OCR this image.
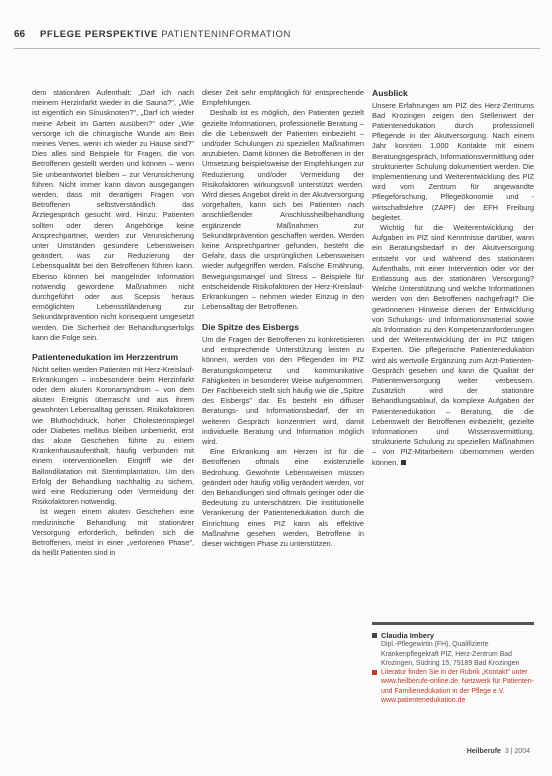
66 PFLEGE PERSPEKTIVE PATIENTENINFORMATION

dem stationären Aufenthalt: „Darf ich nach meinem Herzinfarkt wieder in die Sauna?", „Wie ist eigentlich ein Sinusknoten?", „Darf ich wieder meine Arbeit im Garten ausüben?" oder „Wie versorge ich die chirurgische Wunde am Bein meines Venes, wenn ich wieder zu Hause sind?" Dies alles sind Beispiele für Fragen, die von Betroffenen gestellt werden und können – wenn Sie unbeantwortet bleiben – zur Verunsicherung führen. Nicht immer kann davon ausgegangen werden, dass mit derartigen Fragen von Betroffenen selbstverständlich das Ärztegespräch gesucht wird. Hinzu: Patienten sollten oder deren Angehörige keine Ansprechpartner, werden zur Verunsicherung unter Umständen gesundere Lebensweisen geändert, was zur Reduzierung der Lebensqualität bei den Betroffenen führen kann. Ebenso können bei mangelnder Information notwendig gewordene Maßnahmen nicht durchgeführt oder aus Scepsis heraus ermöglichten Lebensstiländerung zur Sekundärprävention nicht konsequent umgesetzt werden. Die Sicherheit der Behandlungserfolgs kann die Folge sein.

Patientenedukation im Herzzentrum

Nicht selten werden Patienten mit Herz-Kreislauf-Erkrankungen – insbesondere beim Herzinfarkt oder dem akuten Koronarsyndrom – von dem akuten Ereignis überrascht und aus ihrem gewohnten Lebensalltag gerissen. Risikofaktoren wie Bluthochdruck, hoher Cholesterinspiegel oder Diabetes mellitus bleiben unbemerkt, erst das akute Geschehen führte zu einem Krankenhausaufenthalt, häufig verbunden mit einem interventionellen Eingriff wie der Ballondilatation mit Stentimplantation. Um den Erfolg der Behandlung nachhaltig zu sichern, wird eine Reduzierung oder Vermeidung der Risikofaktoren notwendig.

Ist wegen einem akuten Geschehen eine medizinische Behandlung mit stationärer Versorgung erforderlich, befinden sich die Betroffenen, meist in einer „verlorenen Phase", da heißt Patienten sind in

dieser Zeit sehr empfänglich für entsprechende Empfehlungen.

Deshalb ist es möglich, den Patienten gezielt gezielte Informationen, professionelle Beratung – die die Lebenswelt der Patienten einbezieht – und/oder Schulungen zu speziellen Maßnahmen anzubieten. Damit können die Betroffenen in der Umsetzung beispielsweise der Empfehlungen zur Reduzierung und/oder Vermeidung der Risikofaktoren wirkungsvoll unterstützt werden. Wird dieses Angebot direkt in der Akutversorgung vorgehalten, kann sich bei Patienten nach anschließender Anschlussheilbehandlung ergänzende Maßnahmen zur Sekundärprävention geschaffen werden. Werden keine Ansprechpartner gefunden, besteht die Gefahr, dass die ursprünglichen Lebensweisen wieder aufgegriffen werden. Falsche Ernährung, Bewegungsmangel und Stress – Beispiele für entscheidende Risikofaktoren der Herz-Kreislauf-Erkrankungen – nehmen wieder Einzug in den Lebensalltag der Betroffenen.

Die Spitze des Eisbergs

Um die Fragen der Betroffenen zu konkretisieren und entsprechende Unterstützung leisten zu können, werden von den Pflegenden im PIZ Beratungskompetenz und kommunikative Fähigkeiten in besonderer Weise aufgenommen. Der Fachbereich stellt sich häufig wie die „Spitze des Eisbergs" dar. Es besteht ein diffuser Beratungs- und Informationsbedarf, der im weiteren Gespräch konzentriert wird, damit individuelle Beratung und Information möglich wird.

Eine Erkrankung am Herzen ist für die Betroffenen oftmals eine existenzielle Bedrohung. Gewohnte Lebensweisen müssen geändert oder häufig völlig verändert werden, vor den Behandlungen sind oftmals geringer oder die Bedeutung zu unterschätzen. Die institutionelle Verankerung der Patientenedukation durch die Einrichtung eines PIZ kann als effektive Maßnahme gesehen werden, Betroffene in dieser wichtigen Phase zu unterstützen.

Ausblick

Unsere Erfahrungen am PIZ des Herz-Zentrums Bad Krozingen zeigen den Stellenwert der Patientenedukation durch professionell Pflegende in der Akutversorgung. Nach einem Jahr konnten 1.000 Kontakte mit einem Beratungsgespräch, Informationsvermittlung oder strukturierter Schulung dokumentiert werden. Die Implementierung und Weiterentwicklung des PIZ wird vom Zentrum für angewandte Pflegeforschung, Pflegeökonomie und -wirtschaftslehre (ZAPF) der EFH Freiburg begleitet.

Wichtig für die Weiterentwicklung der Aufgaben im PIZ sind Kenntnisse darüber, wann ein Beratungsbedarf in der Akutversorgung entsteht vor und während des stationären Aufenthalts, mit einer Intervention oder vor der Entlassung aus der stationären Versorgung? Welche Unterstützung und welche Informationen werden von den Betroffenen nachgefragt? Die gewonnenen Hinweise dienen der Entwicklung von Schulungs- und Informationsmaterial sowie als Information zu den Kompetenzanforderungen und der Weiterentwicklung der im PIZ tätigen Experten. Die pflegerische Patientenedukation wird als wertvolle Ergänzung zum Arzt-Patienten-Gespräch gesehen und kann die Qualität der Patientenversorgung weiter verbessern. Zusätzlich wird der stationäre Behandlungsablauf, da komplexe Aufgaben der Patientenedukation – Beratung, die die Lebenswelt der Betroffenen einbezieht, gezielte Informationen und Wissensvermittlung, strukturierte Schulung zu speziellen Maßnahmen – von PIZ-Mitarbeitern übernommen werden können.

Claudia Imbery
Dipl.-Pflegewirtin (FH), Qualifizierte Krankenpflegekraft PIZ, Herz-Zentrum Bad Krozingen, Südring 15, 79189 Bad Krozingen
Literatur finden Sie in der Rubrik „Kontakt" unter www.heilberufe-online.de. Netzwerk für Patienten- und Familienedukation in der Pflege e.V. www.patientenedukation.de
Heilberufe 3 | 2004
